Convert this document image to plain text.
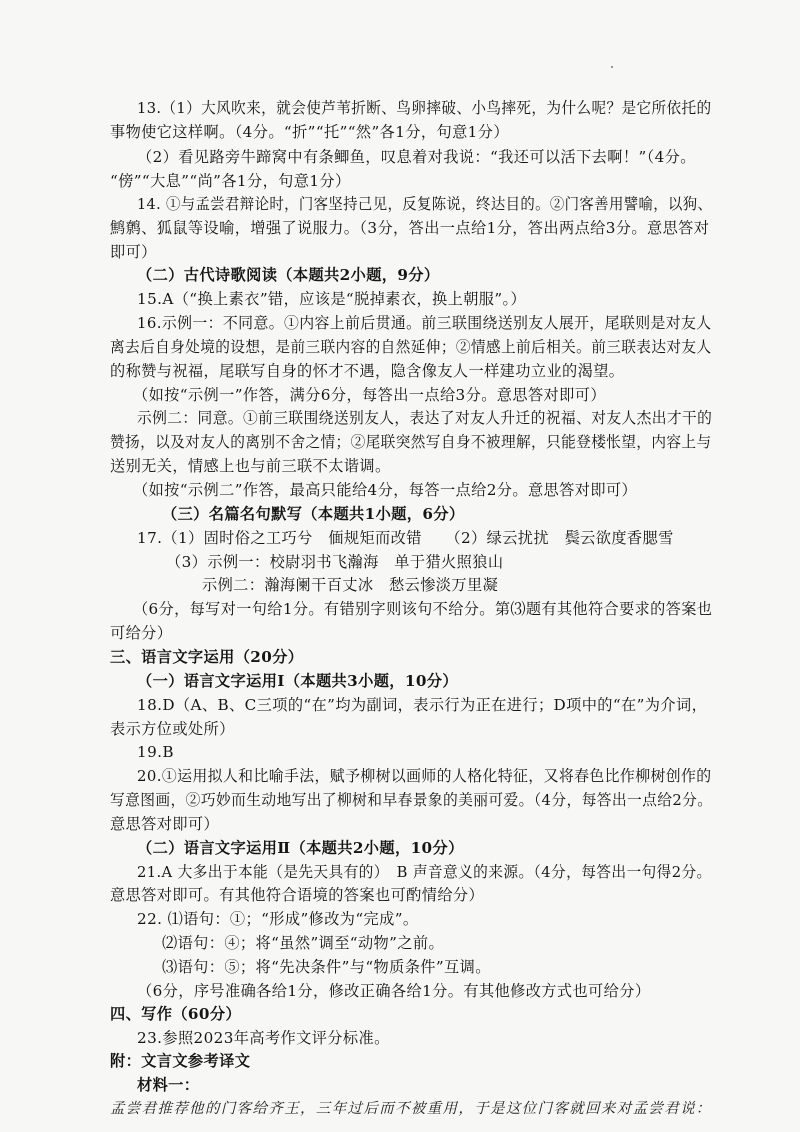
13.（1）大风吹来，就会使芦苇折断、鸟卵摔破、小鸟摔死，为什么呢？是它所依托的

事物使它这样啊。（4分。“折”“托”“然”各1分，句意1分）

（2）看见路旁牛蹄窝中有条鲫鱼，叹息着对我说：“我还可以活下去啊！”（4分。

“傍”“大息”“尚”各1分，句意1分）

14. ①与孟尝君辩论时，门客坚持己见，反复陈说，终达目的。②门客善用譬喻，以狗、

鹪鹩、狐鼠等设喻，增强了说服力。（3分，答出一点给1分，答出两点给3分。意思答对

即可）

（二）古代诗歌阅读（本题共2小题，9分）

15.A（“换上素衣”错，应该是“脱掉素衣，换上朝服”。）

16.示例一：不同意。①内容上前后贯通。前三联围绕送别友人展开，尾联则是对友人

离去后自身处境的设想，是前三联内容的自然延伸；②情感上前后相关。前三联表达对友人

的称赞与祝福，尾联写自身的怀才不遇，隐含像友人一样建功立业的渴望。

（如按“示例一”作答，满分6分，每答出一点给3分。意思答对即可）

示例二：同意。①前三联围绕送别友人，表达了对友人升迁的祝福、对友人杰出才干的

赞扬，以及对友人的离别不舍之情；②尾联突然写自身不被理解，只能登楼怅望，内容上与

送别无关，情感上也与前三联不太谐调。

（如按“示例二”作答，最高只能给4分，每答一点给2分。意思答对即可）

（三）名篇名句默写（本题共1小题，6分）

17.（1）固时俗之工巧兮　偭规矩而改错　　（2）绿云扰扰　鬓云欲度香腮雪

（3）示例一：校尉羽书飞瀚海　单于猎火照狼山

示例二：瀚海阑干百丈冰　愁云惨淡万里凝

（6分，每写对一句给1分。有错别字则该句不给分。第⑶题有其他符合要求的答案也

可给分）

三、语言文字运用（20分）

（一）语言文字运用Ⅰ（本题共3小题，10分）

18.D（A、B、C三项的“在”均为副词，表示行为正在进行；D项中的“在”为介词，

表示方位或处所）

19.B

20.①运用拟人和比喻手法，赋予柳树以画师的人格化特征，又将春色比作柳树创作的

写意图画，②巧妙而生动地写出了柳树和早春景象的美丽可爱。（4分，每答出一点给2分。

意思答对即可）

（二）语言文字运用Ⅱ（本题共2小题，10分）

21.A 大多出于本能（是先天具有的）　B 声音意义的来源。（4分，每答出一句得2分。

意思答对即可。有其他符合语境的答案也可酌情给分）

22. ⑴语句：①；“形成”修改为“完成”。

⑵语句：④；将“虽然”调至“动物”之前。

⑶语句：⑤；将“先决条件”与“物质条件”互调。

（6分，序号准确各给1分，修改正确各给1分。有其他修改方式也可给分）

四、写作（60分）

23.参照2023年高考作文评分标准。

附：文言文参考译文

材料一：

孟尝君推荐他的门客给齐王，三年过后而不被重用，于是这位门客就回来对孟尝君说：
